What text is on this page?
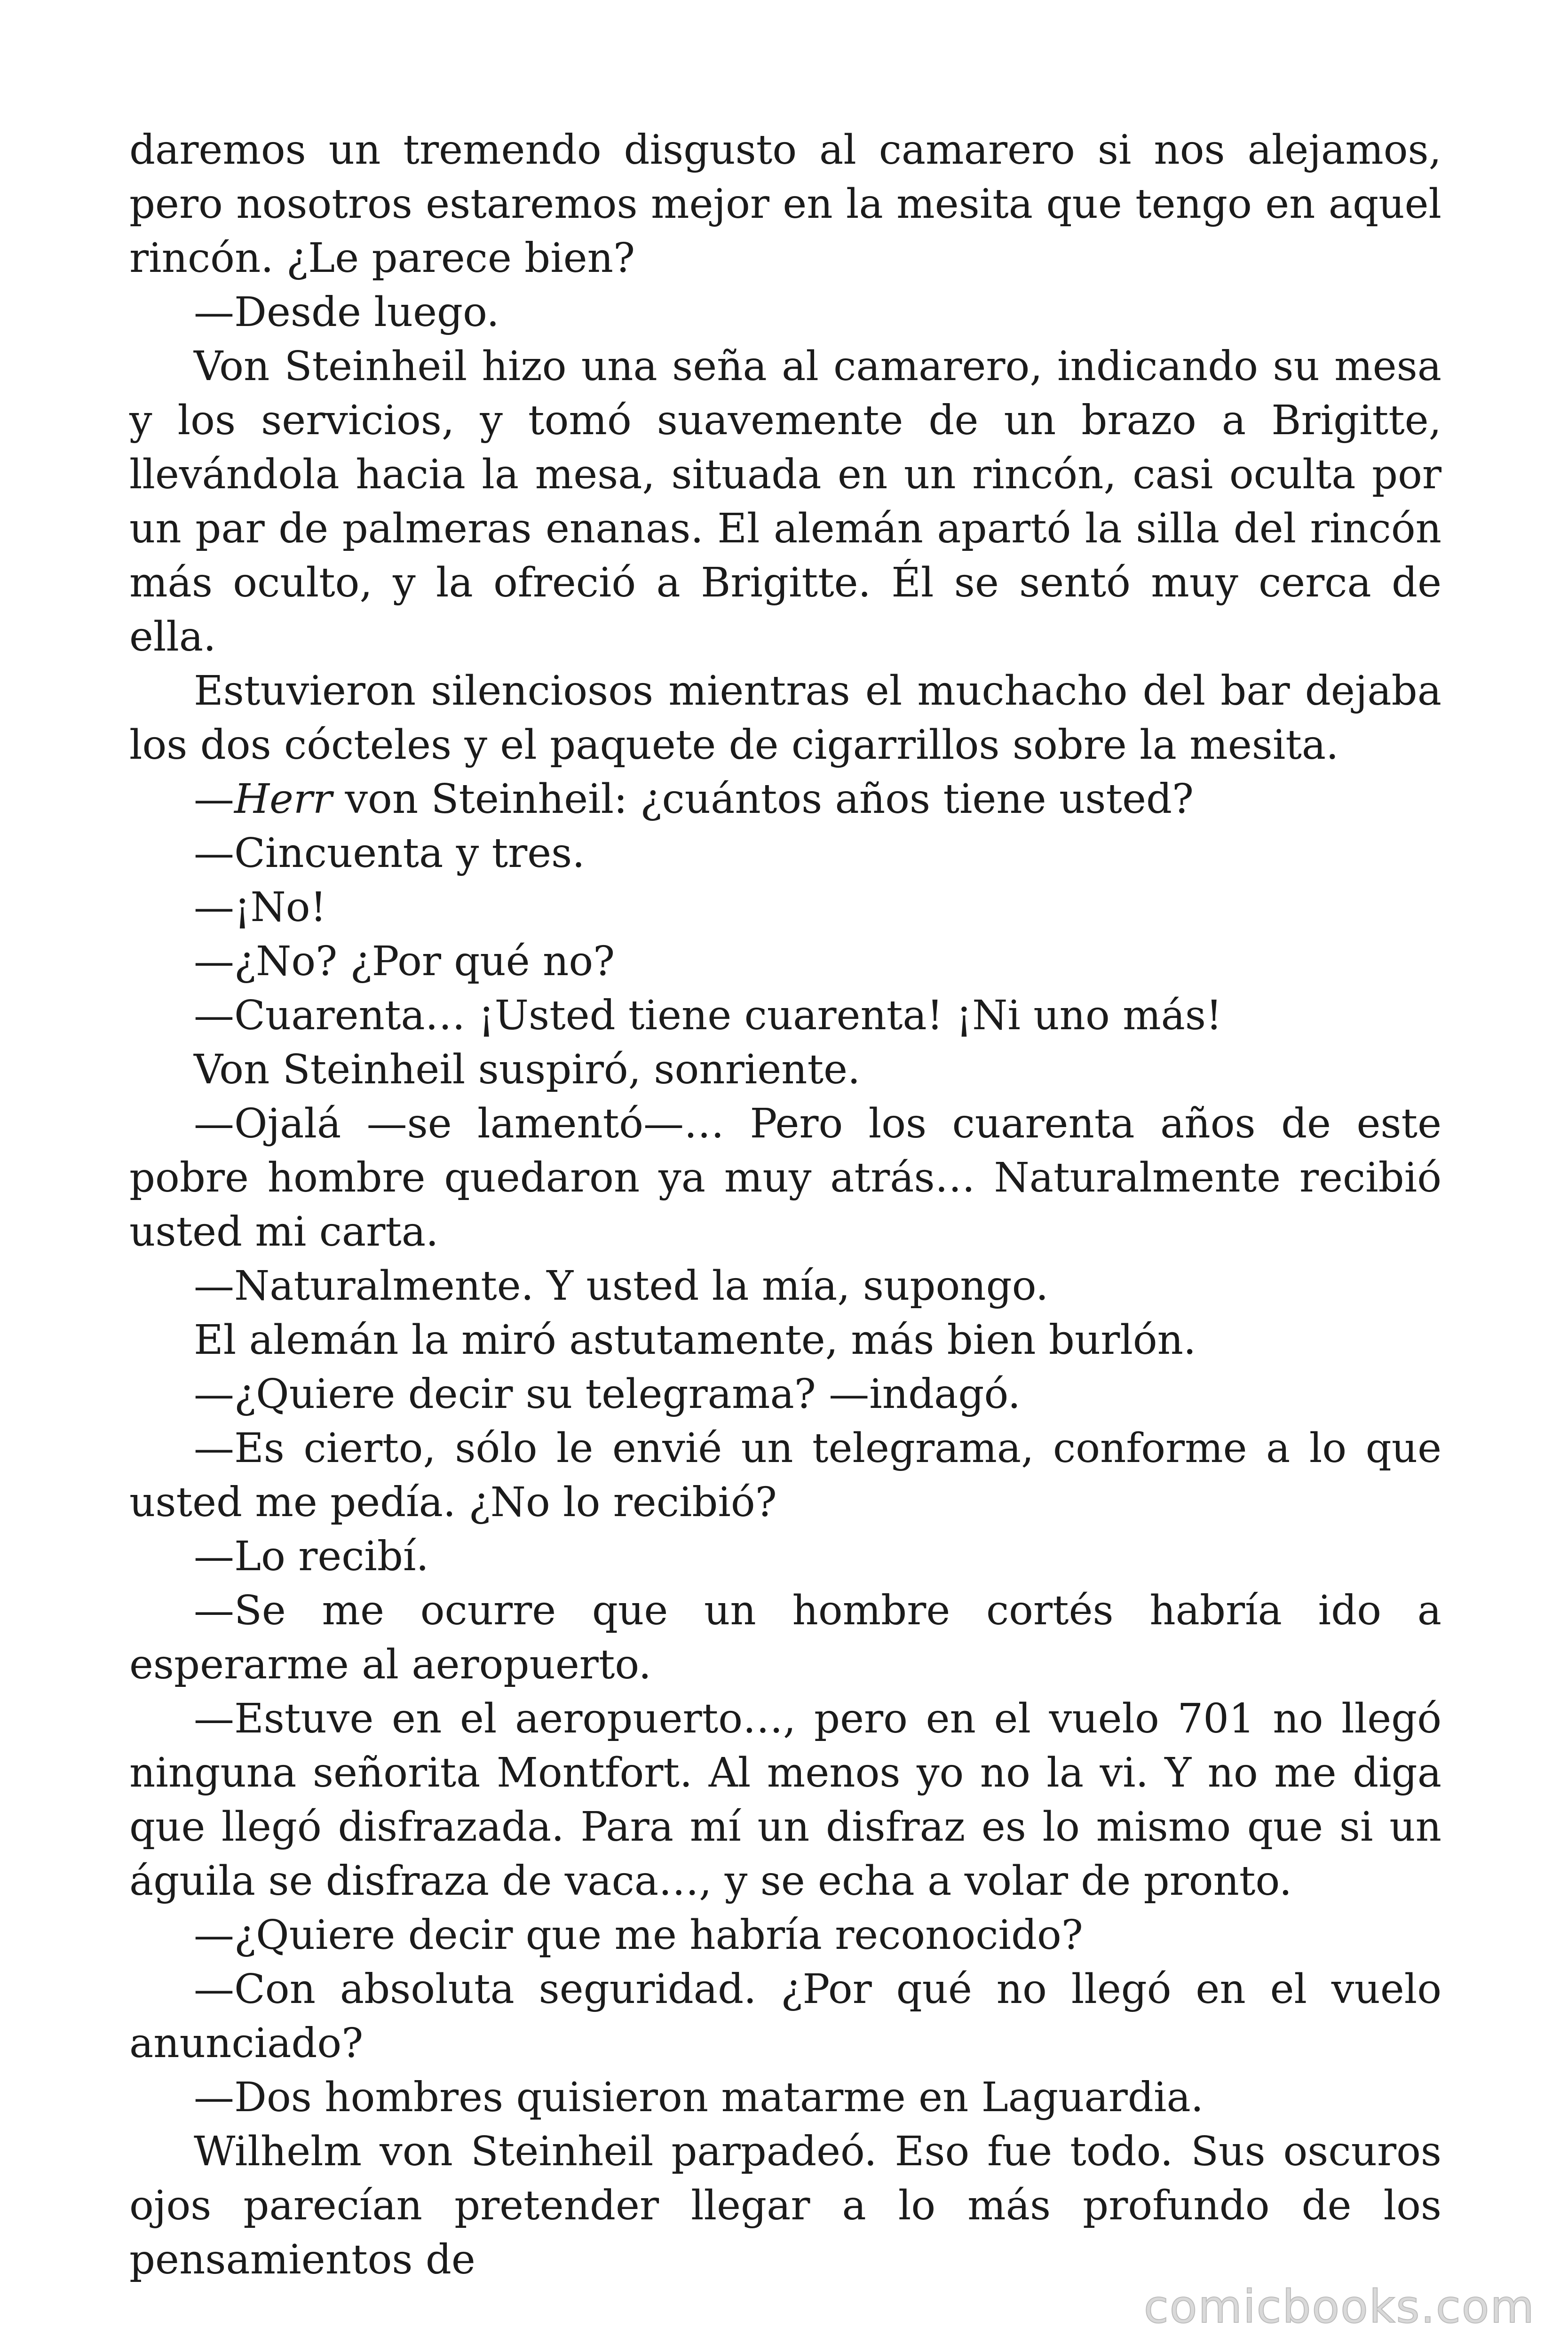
daremos un tremendo disgusto al camarero si nos alejamos, pero nosotros estaremos mejor en la mesita que tengo en aquel rincón. ¿Le parece bien?

—Desde luego.

Von Steinheil hizo una seña al camarero, indicando su mesa y los servicios, y tomó suavemente de un brazo a Brigitte, llevándola hacia la mesa, situada en un rincón, casi oculta por un par de palmeras enanas. El alemán apartó la silla del rincón más oculto, y la ofreció a Brigitte. Él se sentó muy cerca de ella.

Estuvieron silenciosos mientras el muchacho del bar dejaba los dos cócteles y el paquete de cigarrillos sobre la mesita.

—Herr von Steinheil: ¿cuántos años tiene usted?

—Cincuenta y tres.

—¡No!

—¿No? ¿Por qué no?

—Cuarenta… ¡Usted tiene cuarenta! ¡Ni uno más!

Von Steinheil suspiró, sonriente.

—Ojalá —se lamentó—… Pero los cuarenta años de este pobre hombre quedaron ya muy atrás… Naturalmente recibió usted mi carta.

—Naturalmente. Y usted la mía, supongo.

El alemán la miró astutamente, más bien burlón.

—¿Quiere decir su telegrama? —indagó.

—Es cierto, sólo le envié un telegrama, conforme a lo que usted me pedía. ¿No lo recibió?

—Lo recibí.

—Se me ocurre que un hombre cortés habría ido a esperarme al aeropuerto.

—Estuve en el aeropuerto…, pero en el vuelo 701 no llegó ninguna señorita Montfort. Al menos yo no la vi. Y no me diga que llegó disfrazada. Para mí un disfraz es lo mismo que si un águila se disfraza de vaca…, y se echa a volar de pronto.

—¿Quiere decir que me habría reconocido?

—Con absoluta seguridad. ¿Por qué no llegó en el vuelo anunciado?

—Dos hombres quisieron matarme en Laguardia.

Wilhelm von Steinheil parpadeó. Eso fue todo. Sus oscuros ojos parecían pretender llegar a lo más profundo de los pensamientos de

comicbooks.com
